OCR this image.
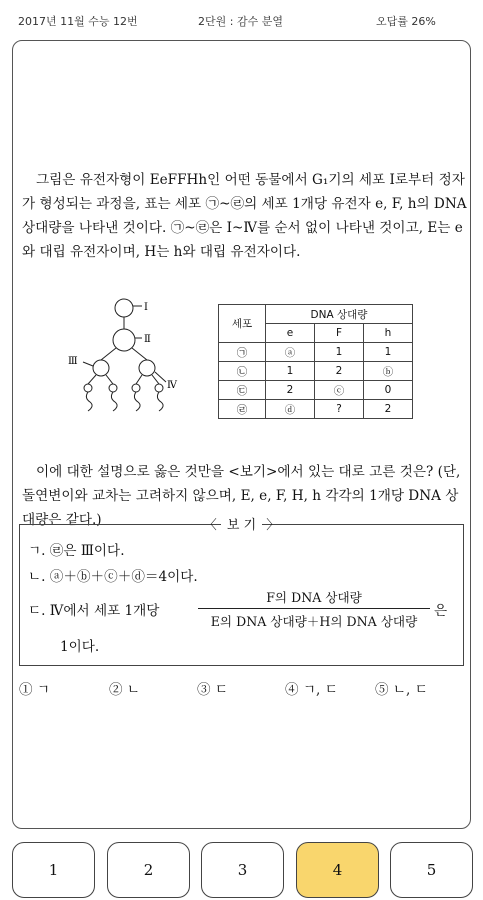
2017년 11월 수능 12번	2단원 : 감수 분열	오답률 26%
그림은 유전자형이 EeFFHh인 어떤 동물에서 G₁기의 세포 Ⅰ로부터 정자가 형성되는 과정을, 표는 세포 ㉠~㉣의 세포 1개당 유전자 e, F, h의 DNA 상대량을 나타낸 것이다. ㉠~㉣은 Ⅰ~Ⅳ를 순서 없이 나타낸 것이고, E는 e와 대립 유전자이며, H는 h와 대립 유전자이다.
Ⅰ
Ⅱ
Ⅲ
Ⅳ
세포	DNA 상대량		
	e	F	h
㉠	ⓐ	1	1
㉡	1	2	ⓑ
㉢	2	ⓒ	0
㉣	ⓓ	?	2
이에 대한 설명으로 옳은 것만을 <보기>에서 있는 대로 고른 것은? (단, 돌연변이와 교차는 고려하지 않으며, E, e, F, H, h 각각의 1개당 DNA 상대량은 같다.)	〈 보 기 〉
ㄱ. ㉣은 Ⅲ이다.
ㄴ. ⓐ＋ⓑ＋ⓒ＋ⓓ＝4이다.
ㄷ. Ⅳ에서 세포 1개당
F의 DNA 상대량
E의 DNA 상대량＋H의 DNA 상대량
은
1이다.
① ㄱ	② ㄴ	③ ㄷ	④ ㄱ, ㄷ	⑤ ㄴ, ㄷ
1	2	3	4	5
